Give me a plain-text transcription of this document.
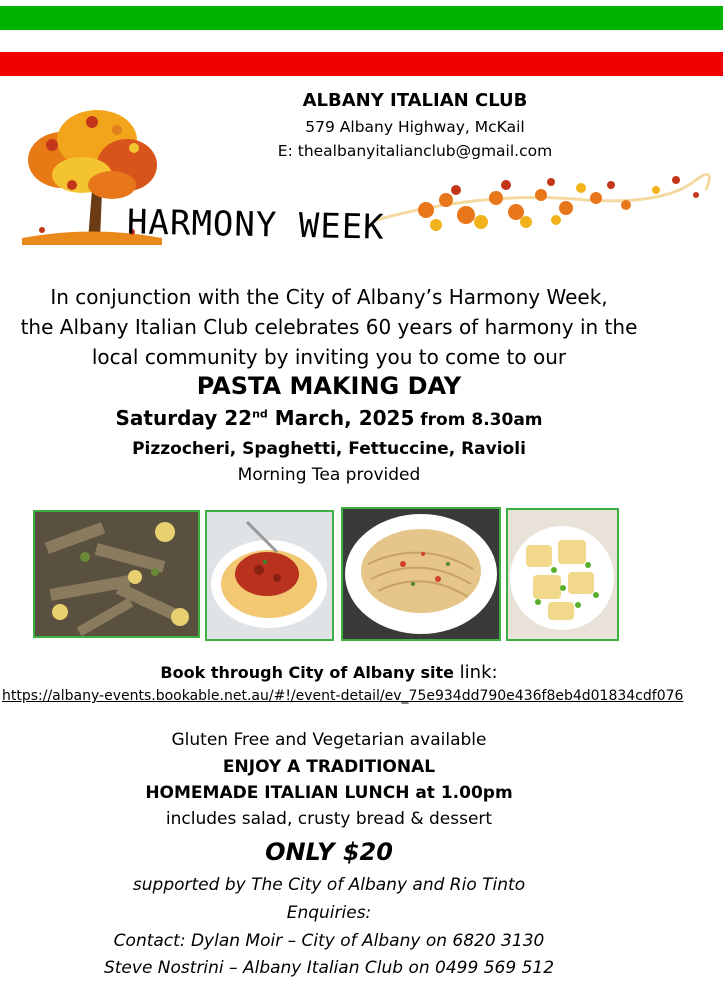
ALBANY ITALIAN CLUB
579 Albany Highway, McKail
E: thealbanyitalianclub@gmail.com
HARMONY WEEK
In conjunction with the City of Albany’s Harmony Week,
the Albany Italian Club celebrates 60 years of harmony in the
local community by inviting you to come to our
PASTA MAKING DAY
Saturday 22nd March, 2025 from 8.30am
Pizzocheri, Spaghetti, Fettuccine, Ravioli
Morning Tea provided
Book through City of Albany site link:
https://albany-events.bookable.net.au/#!/event-detail/ev_75e934dd790e436f8eb4d01834cdf076
Gluten Free and Vegetarian available
ENJOY A TRADITIONAL
HOMEMADE ITALIAN LUNCH at 1.00pm
includes salad, crusty bread & dessert
ONLY $20
supported by The City of Albany and Rio Tinto
Enquiries:
Contact: Dylan Moir – City of Albany on 6820 3130
Steve Nostrini – Albany Italian Club on 0499 569 512
